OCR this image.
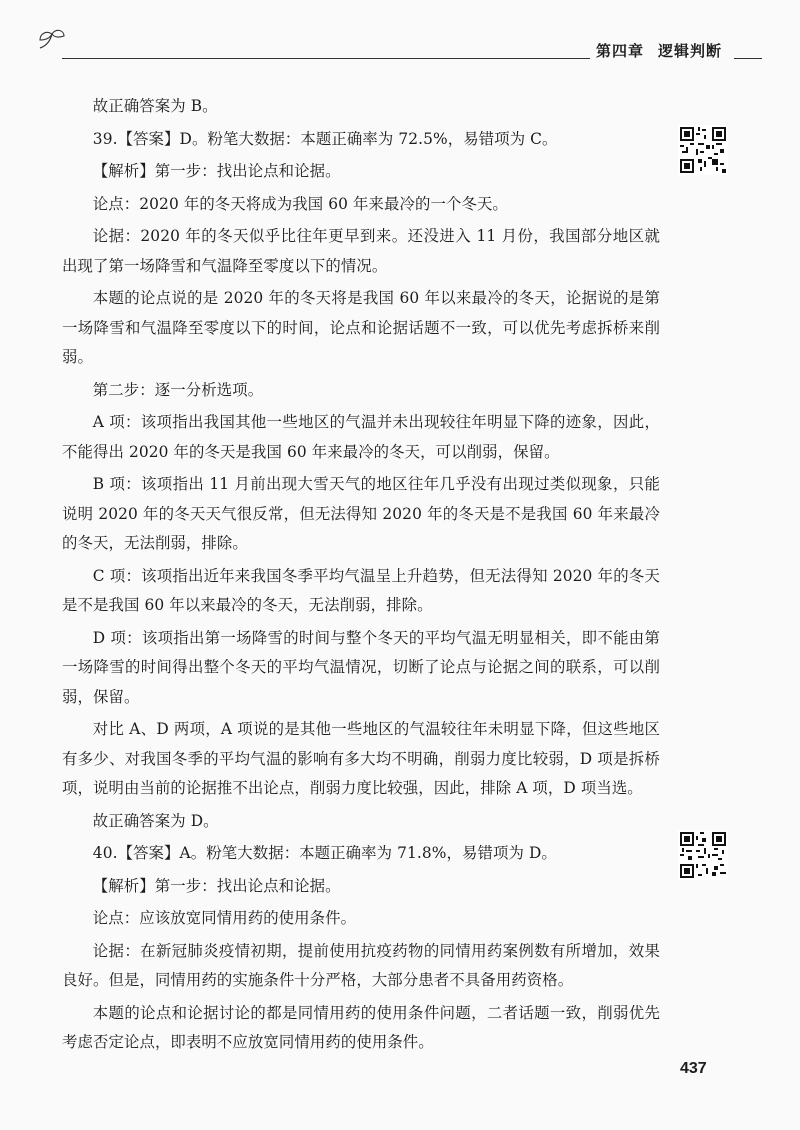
第四章 逻辑判断

故正确答案为 B。

39.【答案】D。粉笔大数据：本题正确率为 72.5%，易错项为 C。

【解析】第一步：找出论点和论据。

论点：2020 年的冬天将成为我国 60 年来最冷的一个冬天。

论据：2020 年的冬天似乎比往年更早到来。还没进入 11 月份，我国部分地区就出现了第一场降雪和气温降至零度以下的情况。

本题的论点说的是 2020 年的冬天将是我国 60 年以来最冷的冬天，论据说的是第一场降雪和气温降至零度以下的时间，论点和论据话题不一致，可以优先考虑拆桥来削弱。

第二步：逐一分析选项。

A 项：该项指出我国其他一些地区的气温并未出现较往年明显下降的迹象，因此，不能得出 2020 年的冬天是我国 60 年来最冷的冬天，可以削弱，保留。

B 项：该项指出 11 月前出现大雪天气的地区往年几乎没有出现过类似现象，只能说明 2020 年的冬天天气很反常，但无法得知 2020 年的冬天是不是我国 60 年来最冷的冬天，无法削弱，排除。

C 项：该项指出近年来我国冬季平均气温呈上升趋势，但无法得知 2020 年的冬天是不是我国 60 年以来最冷的冬天，无法削弱，排除。

D 项：该项指出第一场降雪的时间与整个冬天的平均气温无明显相关，即不能由第一场降雪的时间得出整个冬天的平均气温情况，切断了论点与论据之间的联系，可以削弱，保留。

对比 A、D 两项，A 项说的是其他一些地区的气温较往年未明显下降，但这些地区有多少、对我国冬季的平均气温的影响有多大均不明确，削弱力度比较弱，D 项是拆桥项，说明由当前的论据推不出论点，削弱力度比较强，因此，排除 A 项，D 项当选。

故正确答案为 D。

40.【答案】A。粉笔大数据：本题正确率为 71.8%，易错项为 D。

【解析】第一步：找出论点和论据。

论点：应该放宽同情用药的使用条件。

论据：在新冠肺炎疫情初期，提前使用抗疫药物的同情用药案例数有所增加，效果良好。但是，同情用药的实施条件十分严格，大部分患者不具备用药资格。

本题的论点和论据讨论的都是同情用药的使用条件问题，二者话题一致，削弱优先考虑否定论点，即表明不应放宽同情用药的使用条件。

437
